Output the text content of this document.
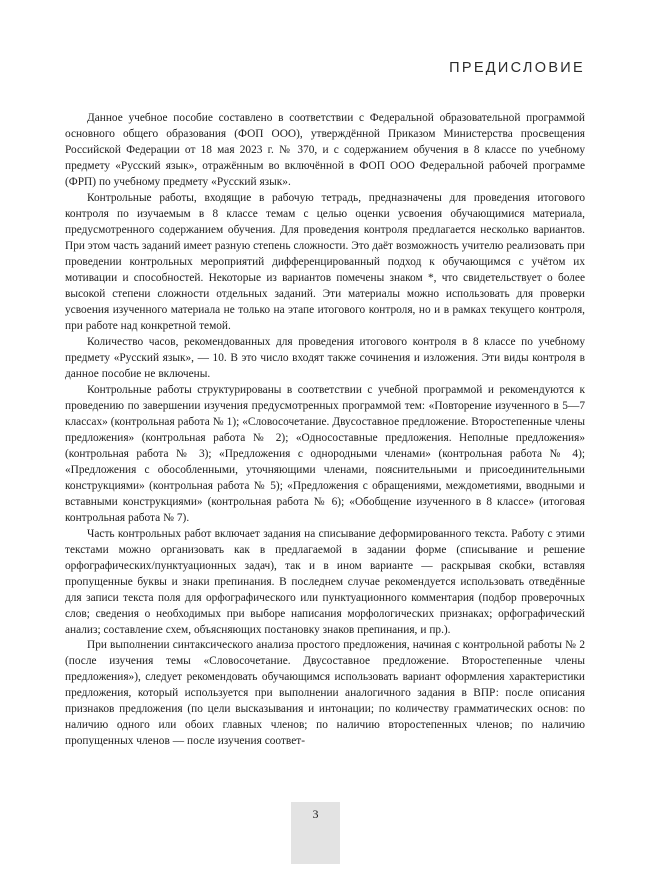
ПРЕДИСЛОВИЕ

Данное учебное пособие составлено в соответствии с Федеральной образовательной программой основного общего образования (ФОП ООО), утверждённой Приказом Министерства просвещения Российской Федерации от 18 мая 2023 г. № 370, и с содержанием обучения в 8 классе по учебному предмету «Русский язык», отражённым во включённой в ФОП ООО Федеральной рабочей программе (ФРП) по учебному предмету «Русский язык».

Контрольные работы, входящие в рабочую тетрадь, предназначены для проведения итогового контроля по изучаемым в 8 классе темам с целью оценки усвоения обучающимися материала, предусмотренного содержанием обучения. Для проведения контроля предлагается несколько вариантов. При этом часть заданий имеет разную степень сложности. Это даёт возможность учителю реализовать при проведении контрольных мероприятий дифференцированный подход к обучающимся с учётом их мотивации и способностей. Некоторые из вариантов помечены знаком *, что свидетельствует о более высокой степени сложности отдельных заданий. Эти материалы можно использовать для проверки усвоения изученного материала не только на этапе итогового контроля, но и в рамках текущего контроля, при работе над конкретной темой.

Количество часов, рекомендованных для проведения итогового контроля в 8 классе по учебному предмету «Русский язык», — 10. В это число входят также сочинения и изложения. Эти виды контроля в данное пособие не включены.

Контрольные работы структурированы в соответствии с учебной программой и рекомендуются к проведению по завершении изучения предусмотренных программой тем: «Повторение изученного в 5—7 классах» (контрольная работа № 1); «Словосочетание. Двусоставное предложение. Второстепенные члены предложения» (контрольная работа № 2); «Односоставные предложения. Неполные предложения» (контрольная работа № 3); «Предложения с однородными членами» (контрольная работа № 4); «Предложения с обособленными, уточняющими членами, пояснительными и присоединительными конструкциями» (контрольная работа № 5); «Предложения с обращениями, междометиями, вводными и вставными конструкциями» (контрольная работа № 6); «Обобщение изученного в 8 классе» (итоговая контрольная работа № 7).

Часть контрольных работ включает задания на списывание деформированного текста. Работу с этими текстами можно организовать как в предлагаемой в задании форме (списывание и решение орфографических/пунктуационных задач), так и в ином варианте — раскрывая скобки, вставляя пропущенные буквы и знаки препинания. В последнем случае рекомендуется использовать отведённые для записи текста поля для орфографического или пунктуационного комментария (подбор проверочных слов; сведения о необходимых при выборе написания морфологических признаках; орфографический анализ; составление схем, объясняющих постановку знаков препинания, и пр.).

При выполнении синтаксического анализа простого предложения, начиная с контрольной работы № 2 (после изучения темы «Словосочетание. Двусоставное предложение. Второстепенные члены предложения»), следует рекомендовать обучающимся использовать вариант оформления характеристики предложения, который используется при выполнении аналогичного задания в ВПР: после описания признаков предложения (по цели высказывания и интонации; по количеству грамматических основ: по наличию одного или обоих главных членов; по наличию второстепенных членов; по наличию пропущенных членов — после изучения соответ-

3
